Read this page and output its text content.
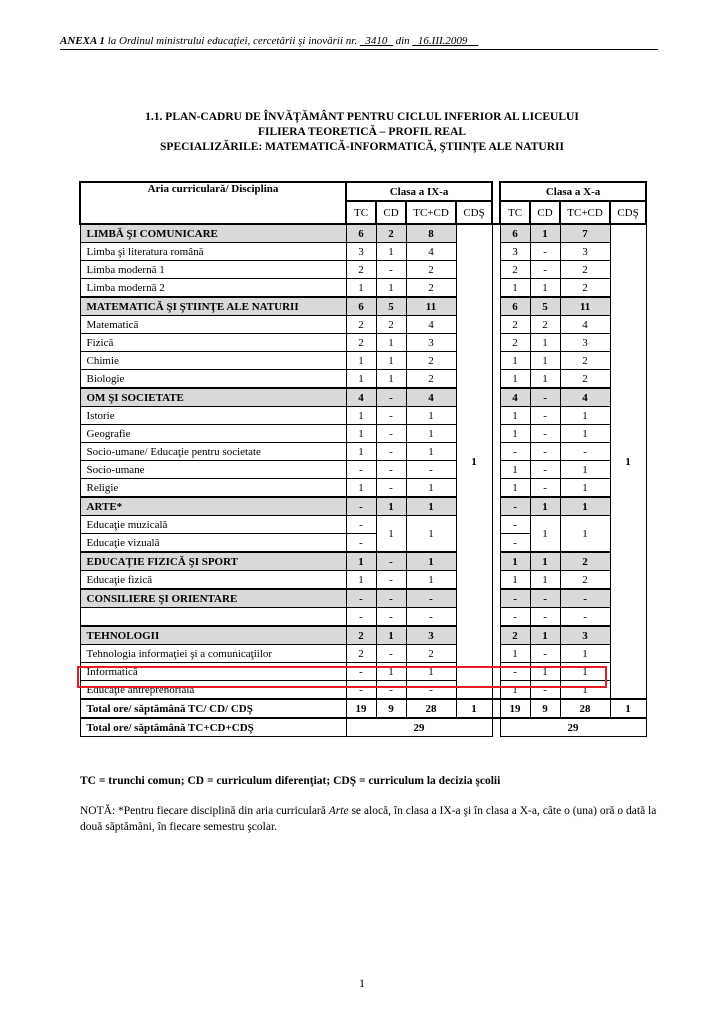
ANEXA 1 la Ordinul ministrului educaţiei, cercetării şi inovării nr. _3410_ din _16.III.2009__
1.1. PLAN-CADRU DE ÎNVĂŢĂMÂNT PENTRU CICLUL INFERIOR AL LICEULUI
FILIERA TEORETICĂ – PROFIL REAL
SPECIALIZĂRILE: MATEMATICĂ-INFORMATICĂ, ŞTIINŢE ALE NATURII
Aria curriculară/ Disciplina	Clasa a IX-a					Clasa a X-a			
	TC	CD	TC+CD	CDŞ		TC	CD	TC+CD	CDŞ
LIMBĂ ŞI COMUNICARE	6	2	8	1		6	1	7	1
Limba şi literatura română	3	1	4			3	-	3	
Limba modernă 1	2	-	2			2	-	2	
Limba modernă 2	1	1	2			1	1	2	
MATEMATICĂ ŞI ŞTIINŢE ALE NATURII	6	5	11			6	5	11	
Matematică	2	2	4			2	2	4	
Fizică	2	1	3			2	1	3	
Chimie	1	1	2			1	1	2	
Biologie	1	1	2			1	1	2	
OM ŞI SOCIETATE	4	-	4			4	-	4	
Istorie	1	-	1			1	-	1	
Geografie	1	-	1			1	-	1	
Socio-umane/ Educaţie pentru societate	1	-	1			-	-	-	
Socio-umane	-	-	-			1	-	1	
Religie	1	-	1			1	-	1	
ARTE*	-	1	1			-	1	1	
Educaţie muzicală	-	1	1			-	1	1	
Educaţie vizuală	-					-			
EDUCAŢIE FIZICĂ ŞI SPORT	1	-	1			1	1	2	
Educaţie fizică	1	-	1			1	1	2	
CONSILIERE ŞI ORIENTARE	-	-	-			-	-	-	
	-	-	-			-	-	-	
TEHNOLOGII	2	1	3			2	1	3	
Tehnologia informaţiei şi a comunicaţiilor	2	-	2			1	-	1	
Informatică	-	1	1			-	1	1	
Educaţie antreprenorială	-	-	-			1	-	1	
Total ore/ săptămână TC/ CD/ CDŞ	19	9	28	1		19	9	28	1
Total ore/ săptămână TC+CD+CDŞ	29					29			
TC = trunchi comun; CD = curriculum diferenţiat; CDŞ = curriculum la decizia şcolii
NOTĂ: *Pentru fiecare disciplină din aria curriculară Arte se alocă, în clasa a IX-a şi în clasa a X-a, câte o (una) oră o dată la două săptămâni, în fiecare semestru şcolar.
1
